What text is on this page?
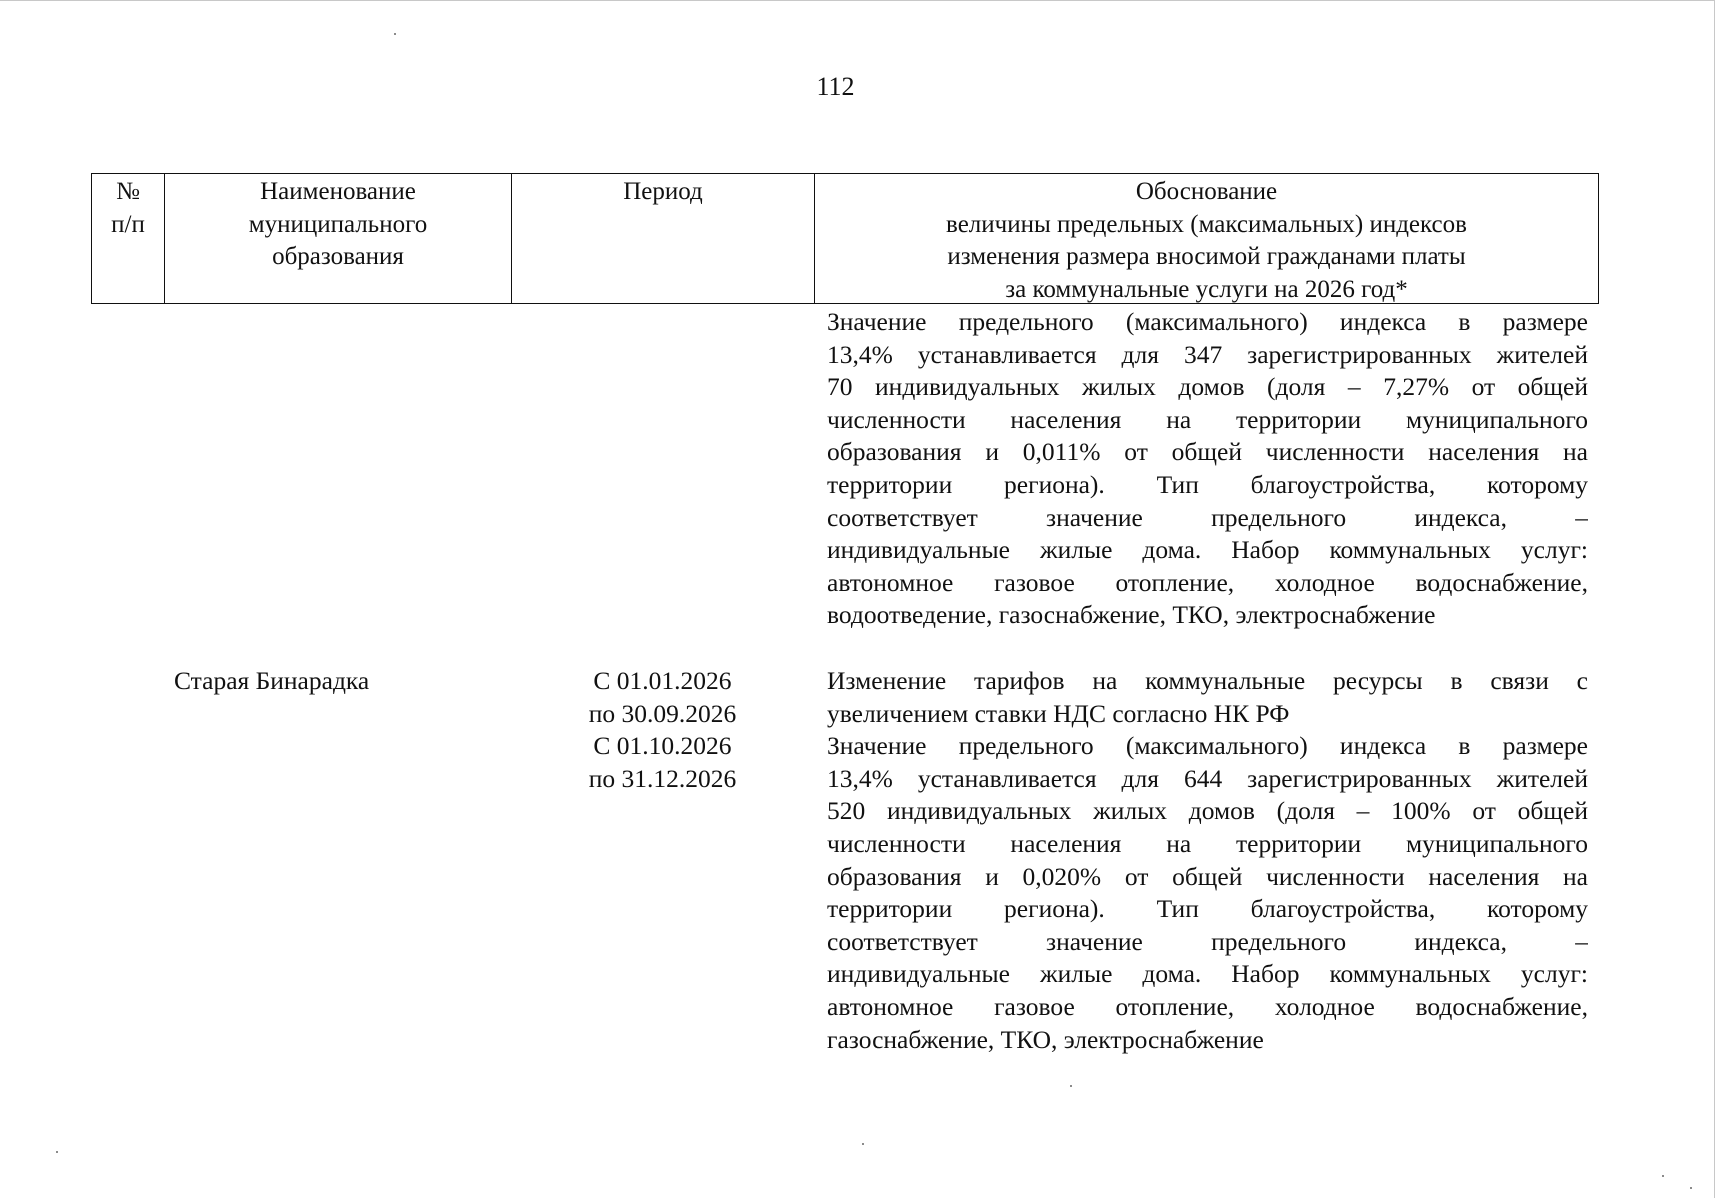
112
№
п/п
Наименование
муниципального
образования
Период	Обоснование
величины предельных (максимальных) индексов
изменения размера вносимой гражданами платы
за коммунальные услуги на 2026 год*
Значение предельного (максимального) индекса в размере
13,4% устанавливается для 347 зарегистрированных жителей
70 индивидуальных жилых домов (доля – 7,27% от общей
численности населения на территории муниципального
образования и 0,011% от общей численности населения на
территории региона). Тип благоустройства, которому
соответствует значение предельного индекса, –
индивидуальные жилые дома. Набор коммунальных услуг:
автономное газовое отопление, холодное водоснабжение,
водоотведение, газоснабжение, ТКО, электроснабжение
Старая Бинарадка	С 01.01.2026
по 30.09.2026
С 01.10.2026
по 31.12.2026
Изменение тарифов на коммунальные ресурсы в связи с
увеличением ставки НДС согласно НК РФ
Значение предельного (максимального) индекса в размере
13,4% устанавливается для 644 зарегистрированных жителей
520 индивидуальных жилых домов (доля – 100% от общей
численности населения на территории муниципального
образования и 0,020% от общей численности населения на
территории региона). Тип благоустройства, которому
соответствует значение предельного индекса, –
индивидуальные жилые дома. Набор коммунальных услуг:
автономное газовое отопление, холодное водоснабжение,
газоснабжение, ТКО, электроснабжение
